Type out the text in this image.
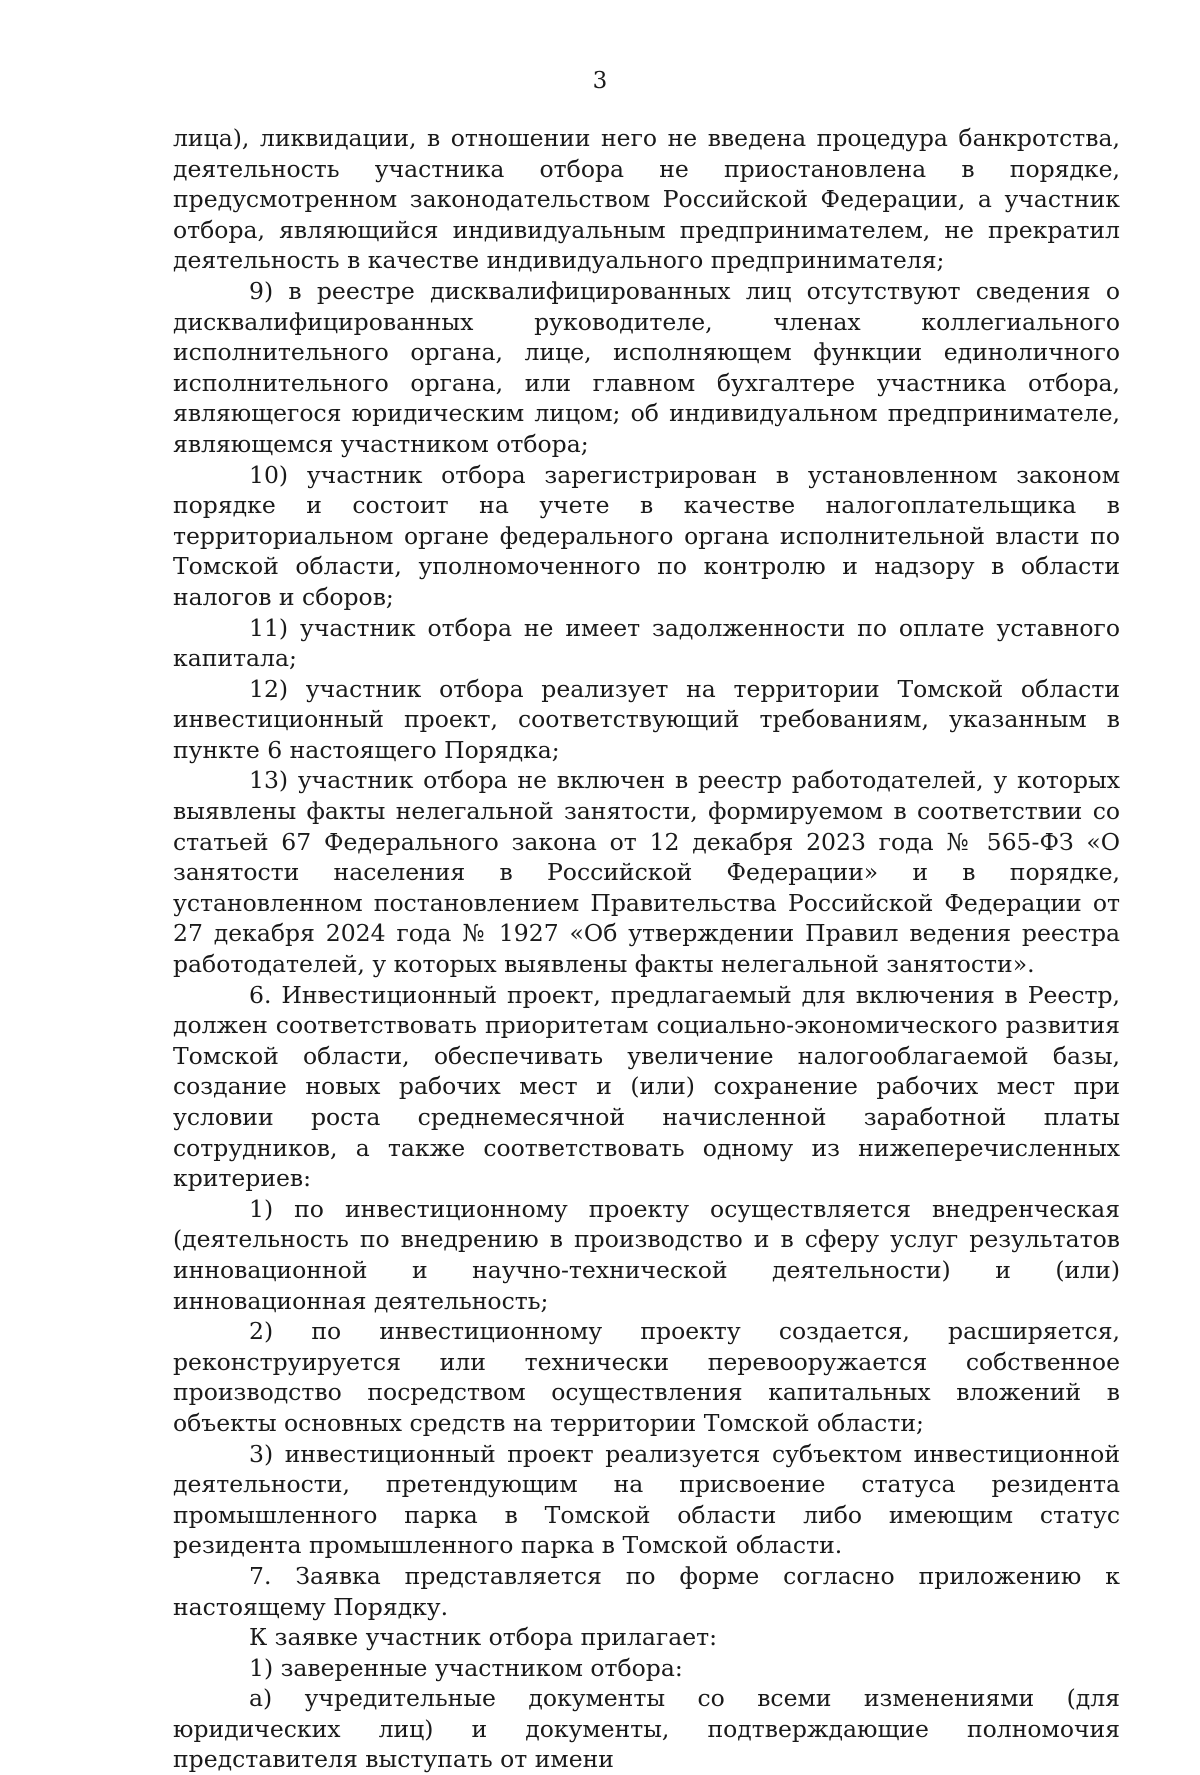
3

лица), ликвидации, в отношении него не введена процедура банкротства, деятельность участника отбора не приостановлена в порядке, предусмотренном законодательством Российской Федерации, а участник отбора, являющийся индивидуальным предпринимателем, не прекратил деятельность в качестве индивидуального предпринимателя;

9) в реестре дисквалифицированных лиц отсутствуют сведения о дисквалифицированных руководителе, членах коллегиального исполнительного органа, лице, исполняющем функции единоличного исполнительного органа, или главном бухгалтере участника отбора, являющегося юридическим лицом; об индивидуальном предпринимателе, являющемся участником отбора;

10) участник отбора зарегистрирован в установленном законом порядке и состоит на учете в качестве налогоплательщика в территориальном органе федерального органа исполнительной власти по Томской области, уполномоченного по контролю и надзору в области налогов и сборов;

11) участник отбора не имеет задолженности по оплате уставного капитала;

12) участник отбора реализует на территории Томской области инвестиционный проект, соответствующий требованиям, указанным в пункте 6 настоящего Порядка;

13) участник отбора не включен в реестр работодателей, у которых выявлены факты нелегальной занятости, формируемом в соответствии со статьей 67 Федерального закона от 12 декабря 2023 года № 565-ФЗ «О занятости населения в Российской Федерации» и в порядке, установленном постановлением Правительства Российской Федерации от 27 декабря 2024 года № 1927 «Об утверждении Правил ведения реестра работодателей, у которых выявлены факты нелегальной занятости».

6. Инвестиционный проект, предлагаемый для включения в Реестр, должен соответствовать приоритетам социально-экономического развития Томской области, обеспечивать увеличение налогооблагаемой базы, создание новых рабочих мест и (или) сохранение рабочих мест при условии роста среднемесячной начисленной заработной платы сотрудников, а также соответствовать одному из нижеперечисленных критериев:

1) по инвестиционному проекту осуществляется внедренческая (деятельность по внедрению в производство и в сферу услуг результатов инновационной и научно-технической деятельности) и (или) инновационная деятельность;

2) по инвестиционному проекту создается, расширяется, реконструируется или технически перевооружается собственное производство посредством осуществления капитальных вложений в объекты основных средств на территории Томской области;

3) инвестиционный проект реализуется субъектом инвестиционной деятельности, претендующим на присвоение статуса резидента промышленного парка в Томской области либо имеющим статус резидента промышленного парка в Томской области.

7. Заявка представляется по форме согласно приложению к настоящему Порядку.

К заявке участник отбора прилагает:

1) заверенные участником отбора:

а) учредительные документы со всеми изменениями (для юридических лиц) и документы, подтверждающие полномочия представителя выступать от имени
